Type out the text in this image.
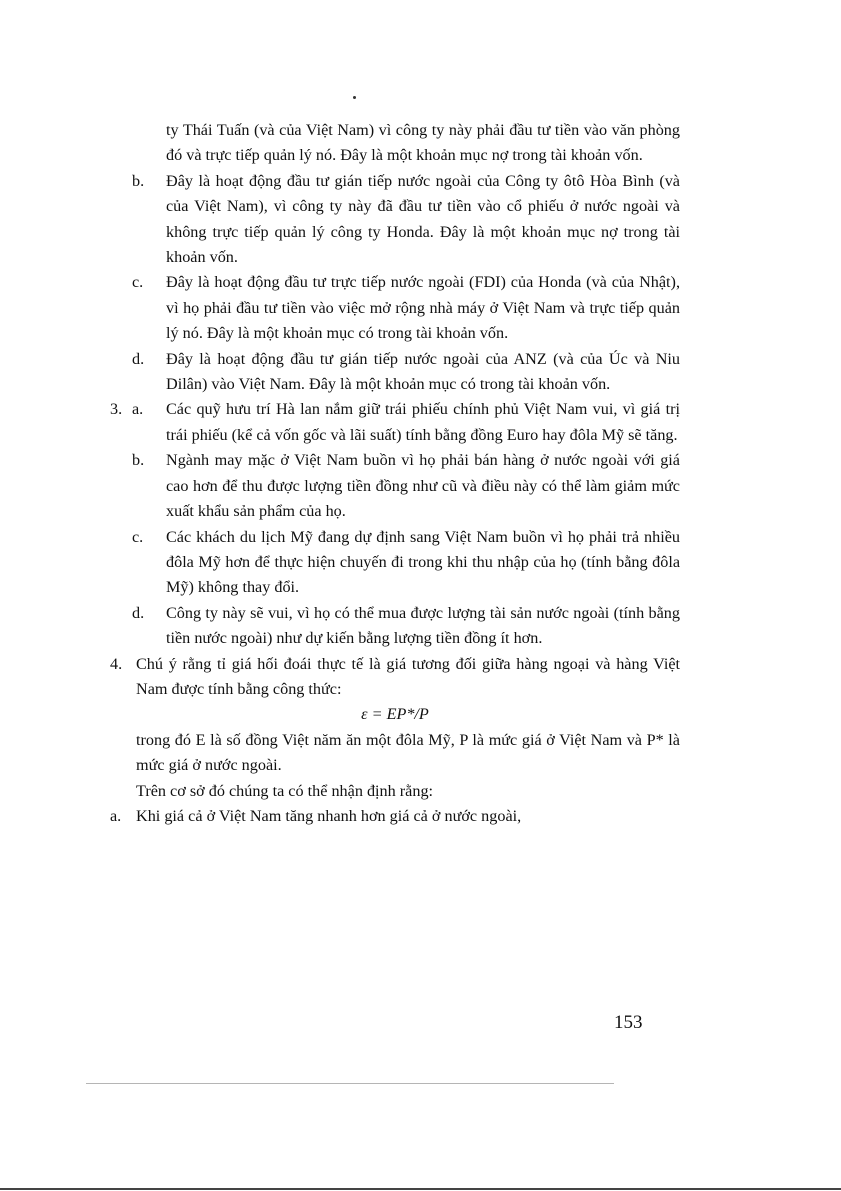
ty Thái Tuấn (và của Việt Nam) vì công ty này phải đầu tư tiền vào văn phòng đó và trực tiếp quản lý nó. Đây là một khoản mục nợ trong tài khoản vốn.
b. Đây là hoạt động đầu tư gián tiếp nước ngoài của Công ty ôtô Hòa Bình (và của Việt Nam), vì công ty này đã đầu tư tiền vào cổ phiếu ở nước ngoài và không trực tiếp quản lý công ty Honda. Đây là một khoản mục nợ trong tài khoản vốn.
c. Đây là hoạt động đầu tư trực tiếp nước ngoài (FDI) của Honda (và của Nhật), vì họ phải đầu tư tiền vào việc mở rộng nhà máy ở Việt Nam và trực tiếp quản lý nó. Đây là một khoản mục có trong tài khoản vốn.
d. Đây là hoạt động đầu tư gián tiếp nước ngoài của ANZ (và của Úc và Niu Dilân) vào Việt Nam. Đây là một khoản mục có trong tài khoản vốn.
3. a. Các quỹ hưu trí Hà lan nắm giữ trái phiếu chính phủ Việt Nam vui, vì giá trị trái phiếu (kể cả vốn gốc và lãi suất) tính bằng đồng Euro hay đôla Mỹ sẽ tăng.
b. Ngành may mặc ở Việt Nam buồn vì họ phải bán hàng ở nước ngoài với giá cao hơn để thu được lượng tiền đồng như cũ và điều này có thể làm giảm mức xuất khẩu sản phẩm của họ.
c. Các khách du lịch Mỹ đang dự định sang Việt Nam buồn vì họ phải trả nhiều đôla Mỹ hơn để thực hiện chuyến đi trong khi thu nhập của họ (tính bằng đôla Mỹ) không thay đổi.
d. Công ty này sẽ vui, vì họ có thể mua được lượng tài sản nước ngoài (tính bằng tiền nước ngoài) như dự kiến bằng lượng tiền đồng ít hơn.
4. Chú ý rằng tỉ giá hối đoái thực tế là giá tương đối giữa hàng ngoại và hàng Việt Nam được tính bằng công thức:
ε = EP*/P
trong đó E là số đồng Việt năm ăn một đôla Mỹ, P là mức giá ở Việt Nam và P* là mức giá ở nước ngoài.
Trên cơ sở đó chúng ta có thể nhận định rằng:
a. Khi giá cả ở Việt Nam tăng nhanh hơn giá cả ở nước ngoài,
153
